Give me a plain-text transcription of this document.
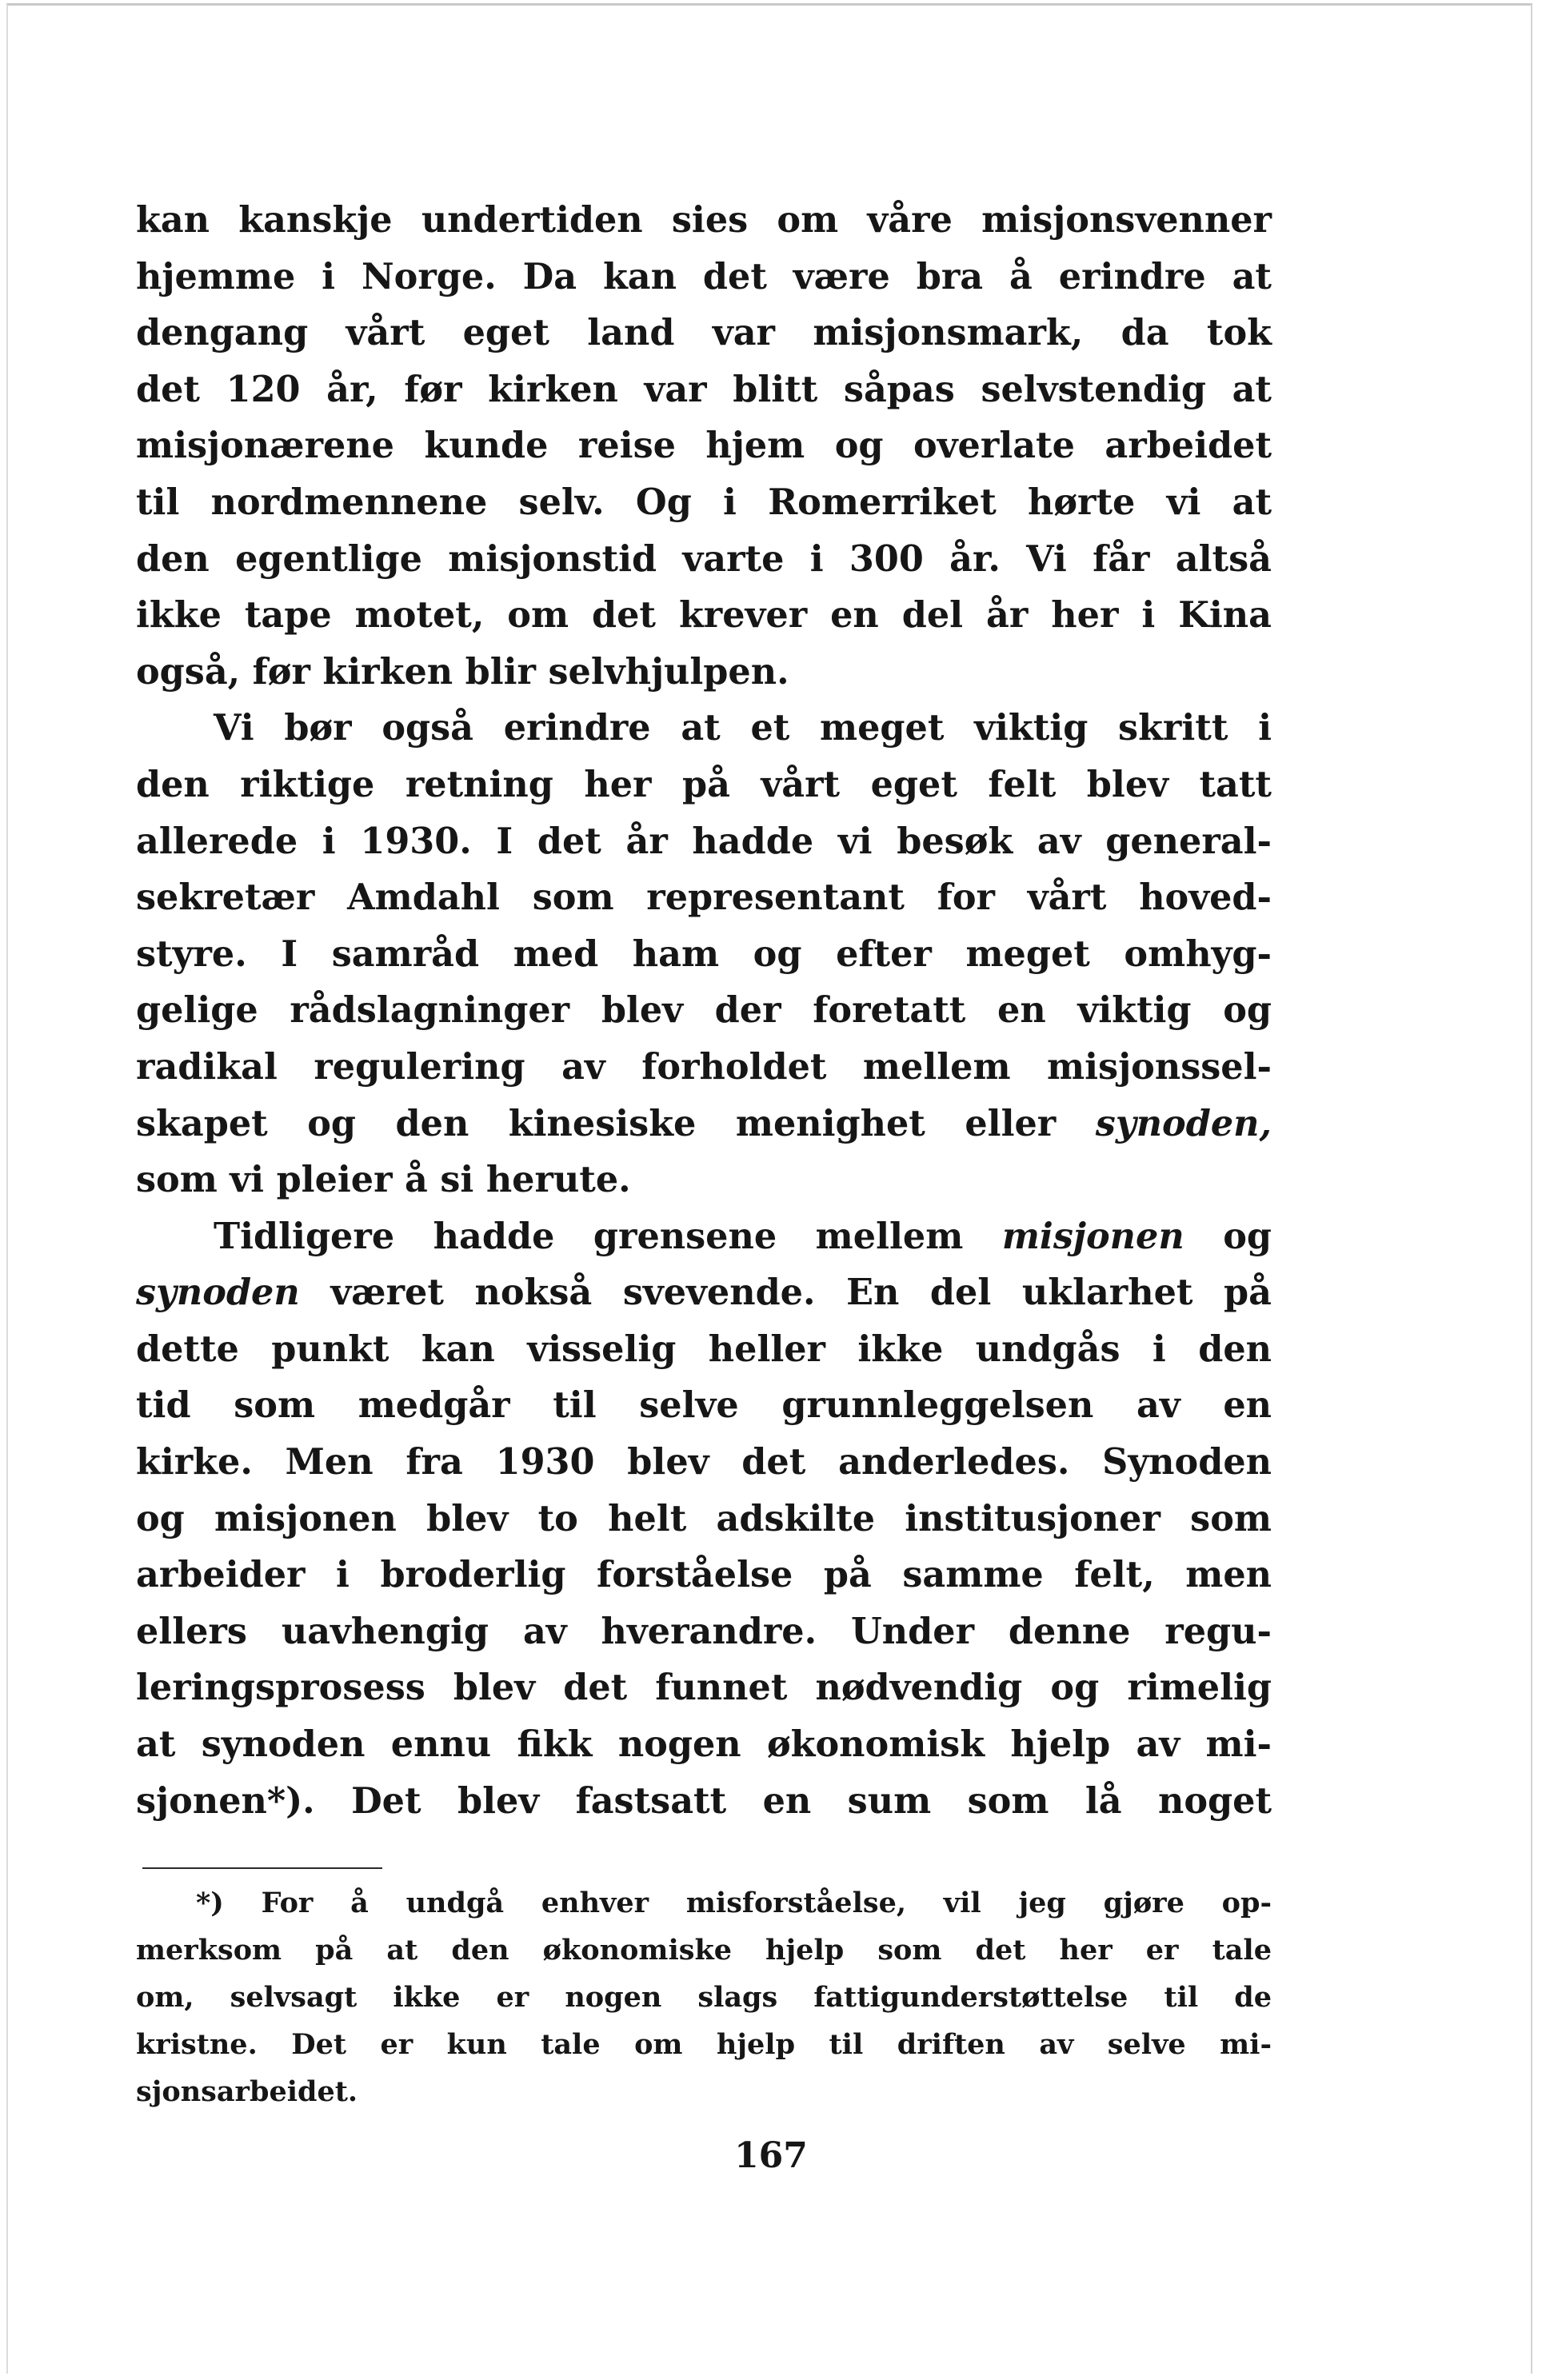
kan kanskje undertiden sies om våre misjonsvenner
hjemme i Norge. Da kan det være bra å erindre at
dengang vårt eget land var misjonsmark, da tok
det 120 år, før kirken var blitt såpas selvstendig at
misjonærene kunde reise hjem og overlate arbeidet
til nordmennene selv. Og i Romerriket hørte vi at
den egentlige misjonstid varte i 300 år. Vi får altså
ikke tape motet, om det krever en del år her i Kina
også, før kirken blir selvhjulpen.
Vi bør også erindre at et meget viktig skritt i
den riktige retning her på vårt eget felt blev tatt
allerede i 1930. I det år hadde vi besøk av general-
sekretær Amdahl som representant for vårt hoved-
styre. I samråd med ham og efter meget omhyg-
gelige rådslagninger blev der foretatt en viktig og
radikal regulering av forholdet mellem misjonssel-
skapet og den kinesiske menighet eller synoden,
som vi pleier å si herute.
Tidligere hadde grensene mellem misjonen og
synoden været nokså svevende. En del uklarhet på
dette punkt kan visselig heller ikke undgås i den
tid som medgår til selve grunnleggelsen av en
kirke. Men fra 1930 blev det anderledes. Synoden
og misjonen blev to helt adskilte institusjoner som
arbeider i broderlig forståelse på samme felt, men
ellers uavhengig av hverandre. Under denne regu-
leringsprosess blev det funnet nødvendig og rimelig
at synoden ennu fikk nogen økonomisk hjelp av mi-
sjonen*). Det blev fastsatt en sum som lå noget
*) For å undgå enhver misforståelse, vil jeg gjøre op-
merksom på at den økonomiske hjelp som det her er tale
om, selvsagt ikke er nogen slags fattigunderstøttelse til de
kristne. Det er kun tale om hjelp til driften av selve mi-
sjonsarbeidet.
167
